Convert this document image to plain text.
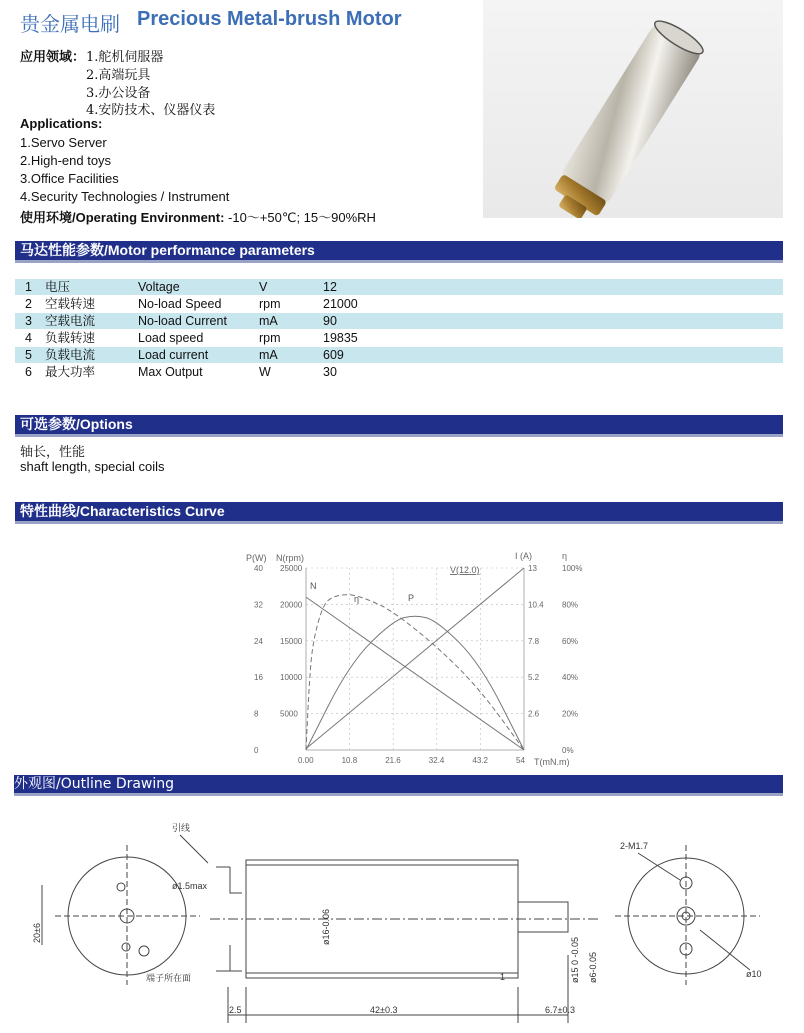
贵金属电刷 Precious Metal-brush Motor
应用领域： 1.舵机伺服器
2.高端玩具
3.办公设备
4.安防技术、仪器仪表
Applications:
1.Servo Server
2.High-end toys
3.Office Facilities
4.Security Technologies / Instrument
使用环境/Operating Environment: -10～+50℃; 15～90%RH
马达性能参数/Motor performance parameters
1 电压	Voltage	V	12
2 空载转速	No-load Speed	rpm	21000
3 空载电流	No-load Current	mA	90
4 负载转速	Load speed	rpm	19835
5 负载电流	Load current	mA	609
6 最大功率	Max Output	W	30
可选参数/Options
轴长，性能
shaft length, special coils
特性曲线/Characteristics Curve
40
32
24
16
8
0
25000
20000
15000
10000
5000
13
10.4
7.8
5.2
2.6
100%
80%
60%
40%
20%
0%
0.00	10.8	21.6	32.4	43.2	54
P(W) N(rpm)	I (A)	η
V(12.0)
T(mN.m)
N
P
η
外观图/Outline Drawing
引线
ø1.5max
20±6
端子所在面
ø16-0.06
ø15 0 -0.05 ø6-0.05
2-M1.7
ø10
2.5	42±0.3	6.7±0.3
1
